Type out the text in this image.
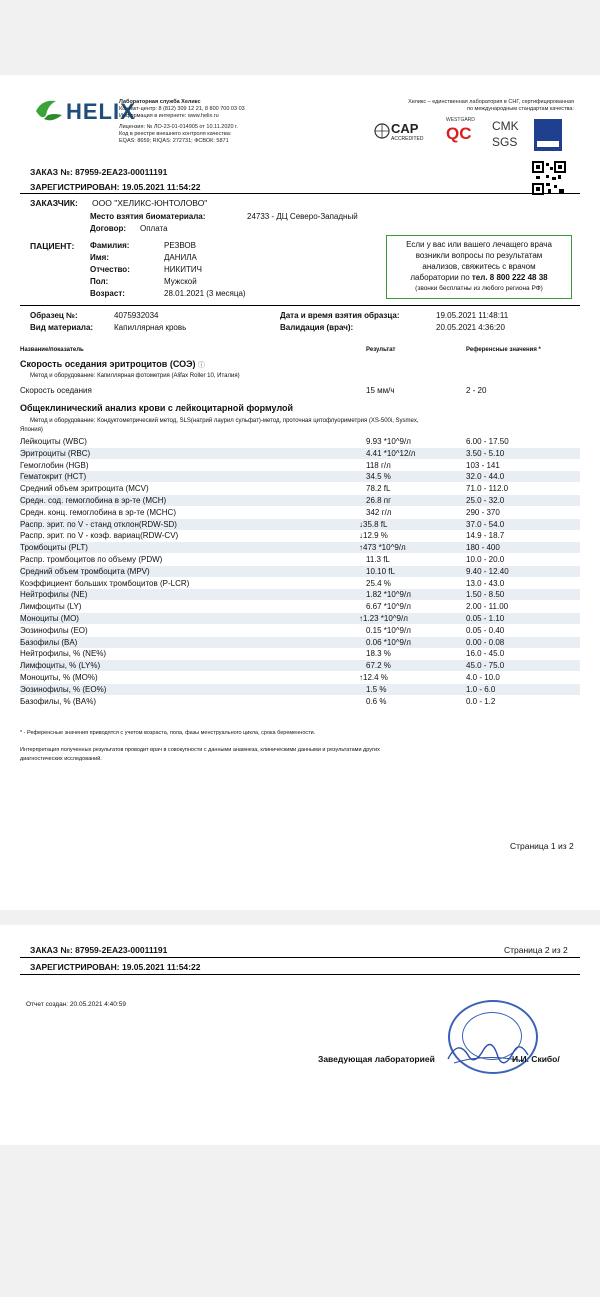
HELIX
Лабораторная служба Хеликс
Контакт-центр: 8 (812) 309 12 21, 8 800 700 03 03
Информация в интернете: www.helix.ru
Лицензия: № ЛО-23-01-014905 от 10.11.2020 г.
Код в реестре внешнего контроля качества:
EQAS: 8659; RIQAS: 272731; ФСВОК: 5871
Хеликс – единственная лаборатория в СНГ, сертифицированная
по международным стандартам качества:
CAP
ACCREDITED
WESTGARD
QC CMK
SGS
ЗАКАЗ №: 87959-2EA23-00011191
ЗАРЕГИСТРИРОВАН: 19.05.2021 11:54:22
ЗАКАЗЧИК: ООО "ХЕЛИКС-ЮНТОЛОВО"
Место взятия биоматериала:	24733 - ДЦ Северо-Западный
Договор: Оплата
ПАЦИЕНТ: Фамилия:	РЕЗВОВ
Имя:	ДАНИЛА
Отчество:	НИКИТИЧ
Пол:	Мужской
Возраст:	28.01.2021 (3 месяца)
Если у вас или вашего лечащего врача
возникли вопросы по результатам
анализов, свяжитесь с врачом
лаборатории по тел. 8 800 222 48 38
(звонки бесплатны из любого региона РФ)
Образец №:	4075932034
Вид материала:	Капиллярная кровь
Дата и время взятия образца:	19.05.2021 11:48:11
Валидация (врач):	20.05.2021 4:36:20
Название/показатель	Результат	Референсные значения *
Скорость оседания эритроцитов (СОЭ) ⓘ
Метод и оборудование: Капиллярная фотометрия (Alifax Roller 10, Италия)
Скорость оседания	15 мм/ч	2 - 20
Общеклинический анализ крови с лейкоцитарной формулой
Метод и оборудование: Кондуктометрический метод, SLS(натрий лаурил сульфат)-метод, проточная цитофлуориметрия (XS-500i, Sysmex,
Япония)
Лейкоциты (WBC)	9.93 *10^9/л	6.00 - 17.50
Эритроциты (RBC)	4.41 *10^12/л	3.50 - 5.10
Гемоглобин (HGB)	118 г/л	103 - 141
Гематокрит (HCT)	34.5 %	32.0 - 44.0
Средний объем эритроцита (MCV)	78.2 fL	71.0 - 112.0
Средн. сод. гемоглобина в эр-те (MCH)	26.8 пг	25.0 - 32.0
Средн. конц. гемоглобина в эр-те (MCHC)	342 г/л	290 - 370
Распр. эрит. по V - станд отклон(RDW-SD)	↓35.8 fL	37.0 - 54.0
Распр. эрит. по V - коэф. вариац(RDW-CV)	↓12.9 %	14.9 - 18.7
Тромбоциты (PLT)	↑473 *10^9/л	180 - 400
Распр. тромбоцитов по объему (PDW)	11.3 fL	10.0 - 20.0
Средний объем тромбоцита (MPV)	10.10 fL	9.40 - 12.40
Коэффициент больших тромбоцитов (P-LCR)	25.4 %	13.0 - 43.0
Нейтрофилы (NE)	1.82 *10^9/л	1.50 - 8.50
Лимфоциты (LY)	6.67 *10^9/л	2.00 - 11.00
Моноциты (MO)	↑1.23 *10^9/л	0.05 - 1.10
Эозинофилы (EO)	0.15 *10^9/л	0.05 - 0.40
Базофилы (BA)	0.06 *10^9/л	0.00 - 0.08
Нейтрофилы, % (NE%)	18.3 %	16.0 - 45.0
Лимфоциты, % (LY%)	67.2 %	45.0 - 75.0
Моноциты, % (MO%)	↑12.4 %	4.0 - 10.0
Эозинофилы, % (EO%)	1.5 %	1.0 - 6.0
Базофилы, % (BA%)	0.6 %	0.0 - 1.2
* - Референсные значения приводятся с учетом возраста, пола, фазы менструального цикла, срока беременности.
Интерпретация полученных результатов проводит врач в совокупности с данными анамнеза, клиническими данными и результатами других
диагностических исследований.
Страница 1 из 2
ЗАКАЗ №: 87959-2EA23-00011191	Страница 2 из 2
ЗАРЕГИСТРИРОВАН: 19.05.2021 11:54:22
Отчет создан: 20.05.2021 4:40:59
Заведующая лабораторией	И.И. Скибо/
